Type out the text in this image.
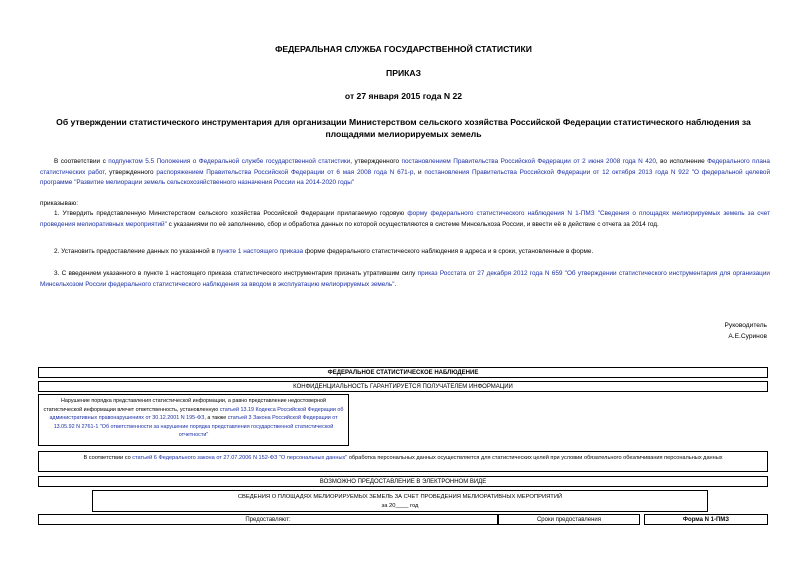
ФЕДЕРАЛЬНАЯ СЛУЖБА ГОСУДАРСТВЕННОЙ СТАТИСТИКИ
ПРИКАЗ
от 27 января 2015 года N 22
Об утверждении статистического инструментария для организации Министерством сельского хозяйства Российской Федерации статистического наблюдения за площадями мелиорируемых земель
В соответствии с подпунктом 5.5 Положения о Федеральной службе государственной статистики, утвержденного постановлением Правительства Российской Федерации от 2 июня 2008 года N 420, во исполнение Федерального плана статистических работ, утвержденного распоряжением Правительства Российской Федерации от 6 мая 2008 года N 671-р, и постановления Правительства Российской Федерации от 12 октября 2013 года N 922 "О федеральной целевой программе "Развитие мелиорации земель сельскохозяйственного назначения России на 2014-2020 годы"
приказываю:
1. Утвердить представленную Министерством сельского хозяйства Российской Федерации прилагаемую годовую форму федерального статистического наблюдения N 1-ПМЗ "Сведения о площадях мелиорируемых земель за счет проведения мелиоративных мероприятий" с указаниями по её заполнению, сбор и обработка данных по которой осуществляются в системе Минсельхоза России, и ввести её в действие с отчета за 2014 год.
2. Установить предоставление данных по указанной в пункте 1 настоящего приказа форме федерального статистического наблюдения в адреса и в сроки, установленные в форме.
3. С введением указанного в пункте 1 настоящего приказа статистического инструментария признать утратившим силу приказ Росстата от 27 декабря 2012 года N 659 "Об утверждении статистического инструментария для организации Минсельхозом России федерального статистического наблюдения за вводом в эксплуатацию мелиорируемых земель".
Руководитель
А.Е.Суринов
ФЕДЕРАЛЬНОЕ СТАТИСТИЧЕСКОЕ НАБЛЮДЕНИЕ
КОНФИДЕНЦИАЛЬНОСТЬ ГАРАНТИРУЕТСЯ ПОЛУЧАТЕЛЕМ ИНФОРМАЦИИ
Нарушение порядка представления статистической информации, а равно представление недостоверной статистической информации влечет ответственность, установленную статьей 13.19 Кодекса Российской Федерации об административных правонарушениях от 30.12.2001 N 195-ФЗ, а также статьей 3 Закона Российской Федерации от 13.05.92 N 2761-1 "Об ответственности за нарушение порядка представления государственной статистической отчетности"
В соответствии со статьей 6 Федерального закона от 27.07.2006 N 152-ФЗ "О персональных данных" обработка персональных данных осуществляется для статистических целей при условии обязательного обезличивания персональных данных
ВОЗМОЖНО ПРЕДОСТАВЛЕНИЕ В ЭЛЕКТРОННОМ ВИДЕ
СВЕДЕНИЯ О ПЛОЩАДЯХ МЕЛИОРИРУЕМЫХ ЗЕМЕЛЬ ЗА СЧЕТ ПРОВЕДЕНИЯ МЕЛИОРАТИВНЫХ МЕРОПРИЯТИЙ
за 20____ год
Предоставляют:	Сроки предоставления	Форма N 1-ПМЗ
